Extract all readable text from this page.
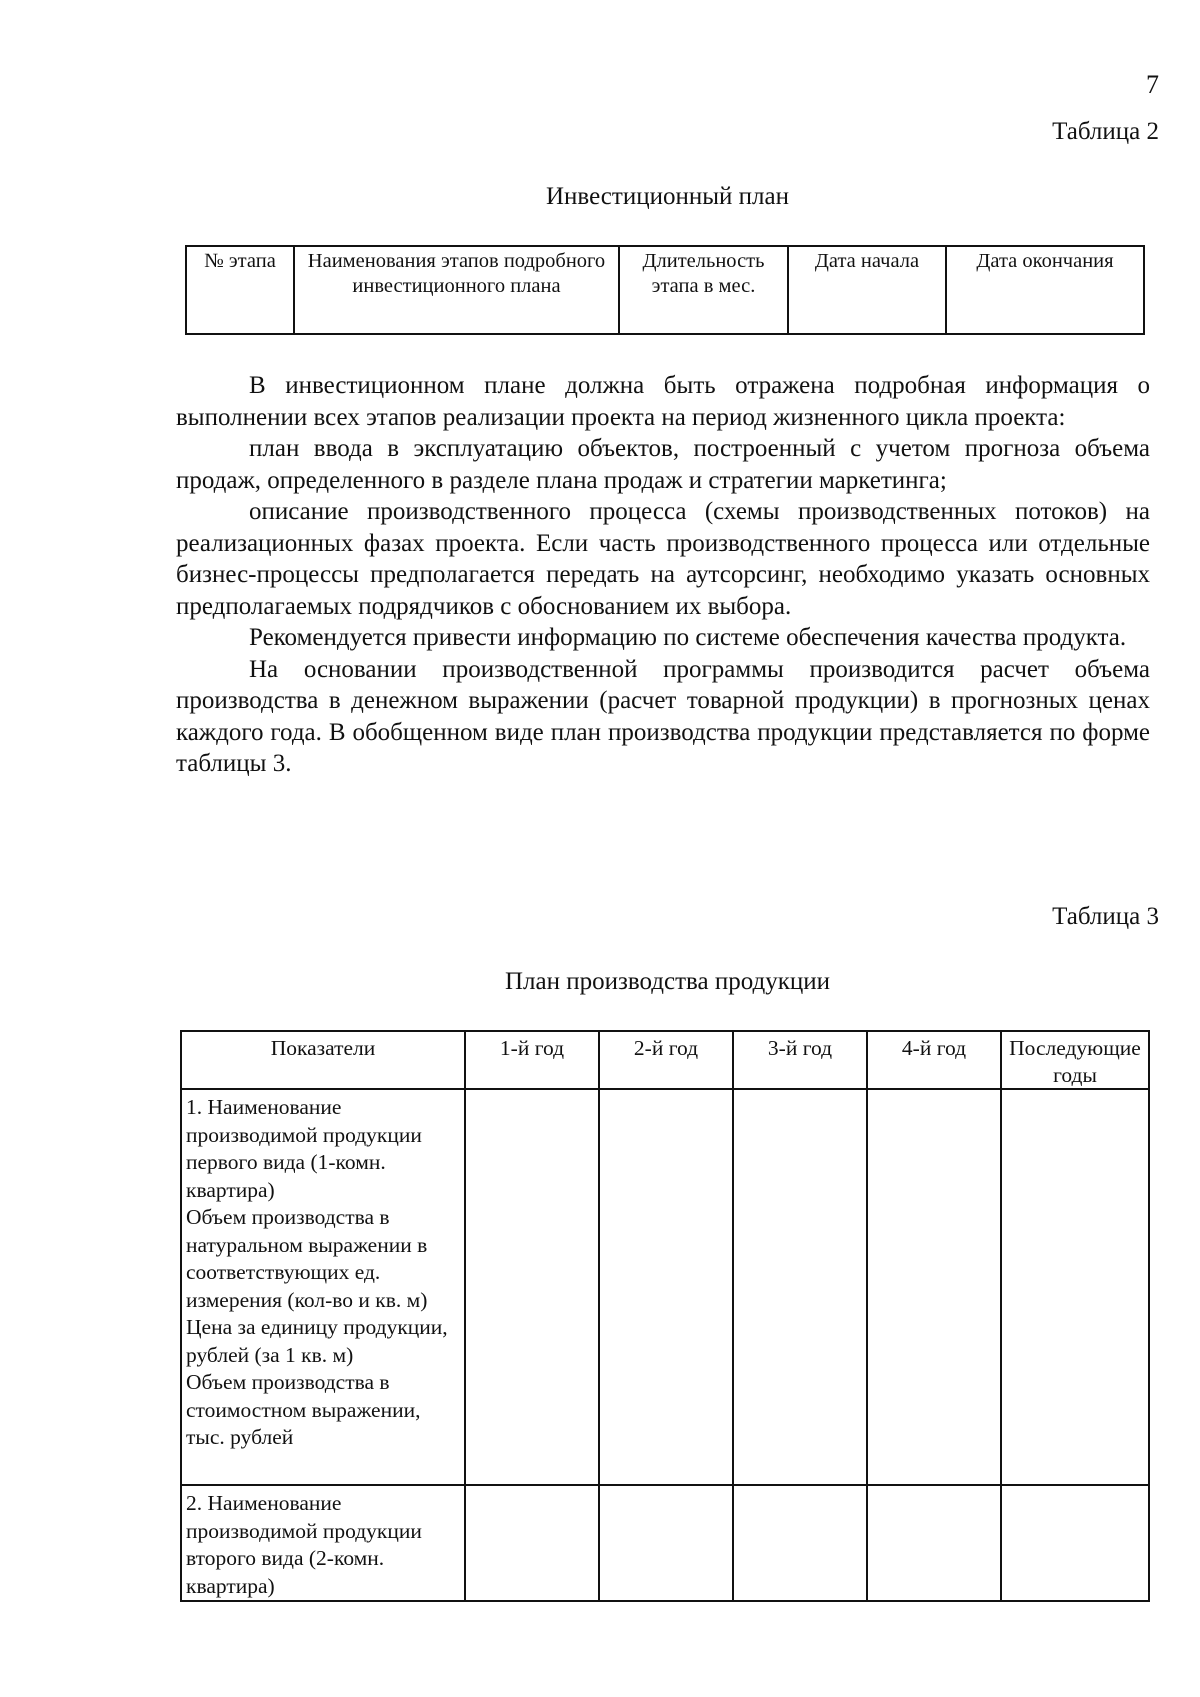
7
Таблица 2
Инвестиционный план
№ этапа	Наименования этапов подробного инвестиционного плана	Длительность этапа в мес.	Дата начала	Дата окончания

В инвестиционном плане должна быть отражена подробная информация о выполнении всех этапов реализации проекта на период жизненного цикла проекта:

план ввода в эксплуатацию объектов, построенный с учетом прогноза объема продаж, определенного в разделе плана продаж и стратегии маркетинга;

описание производственного процесса (схемы производственных потоков) на реализационных фазах проекта. Если часть производственного процесса или отдельные бизнес-процессы предполагается передать на аутсорсинг, необходимо указать основных предполагаемых подрядчиков с обоснованием их выбора.

Рекомендуется привести информацию по системе обеспечения качества продукта.

На основании производственной программы производится расчет объема производства в денежном выражении (расчет товарной продукции) в прогнозных ценах каждого года. В обобщенном виде план производства продукции представляется по форме таблицы 3.

Таблица 3
План производства продукции
Показатели	1-й год	2-й год	3-й год	4-й год	Последующие годы

1. Наименование производимой продукции первого вида (1-комн. квартира)
Объем производства в натуральном выражении в соответствующих ед. измерения (кол-во и кв. м)
Цена за единицу продукции, рублей (за 1 кв. м)
Объем производства в стоимостном выражении, тыс. рублей					

2. Наименование производимой продукции второго вида (2-комн. квартира)					
